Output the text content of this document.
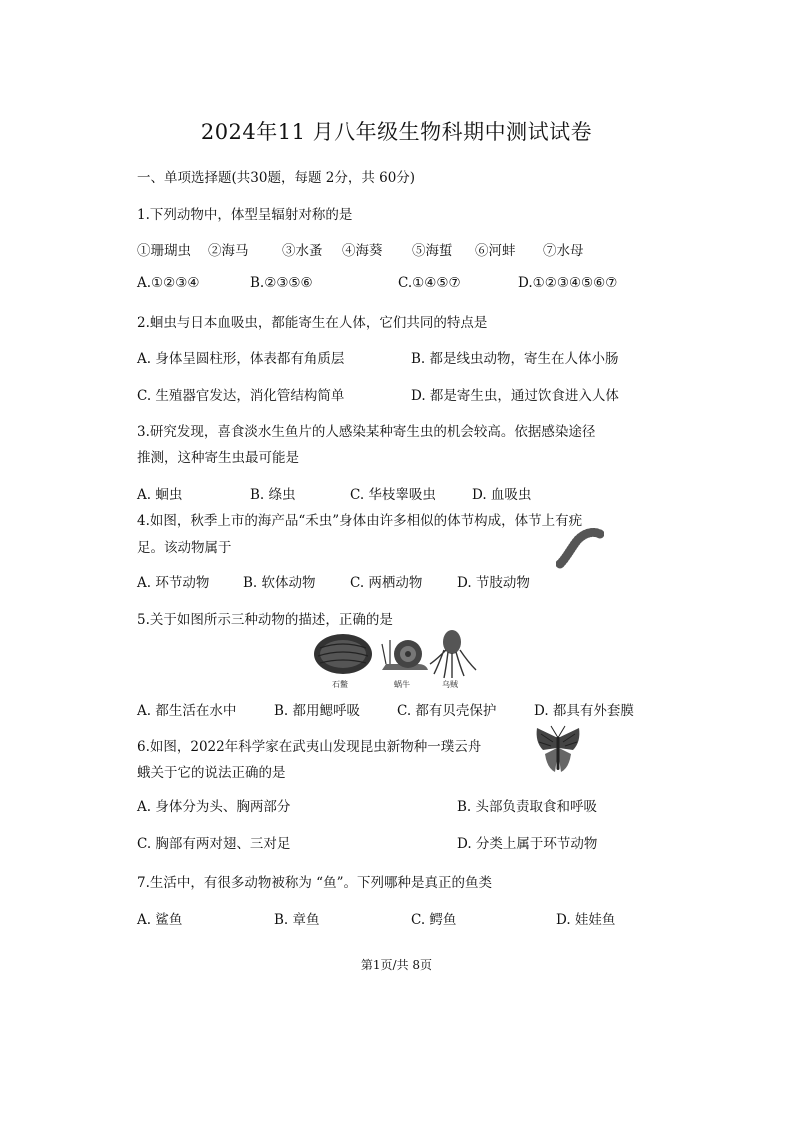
2024年11 月八年级生物科期中测试试卷
一、单项选择题(共30题，每题 2分，共 60分)
1.下列动物中，体型呈辐射对称的是
①珊瑚虫 ②海马 ③水蚤 ④海葵 ⑤海蜇 ⑥河蚌 ⑦水母
A.①②③④	B.②③⑤⑥	C.①④⑤⑦	D.①②③④⑤⑥⑦
2.蛔虫与日本血吸虫，都能寄生在人体，它们共同的特点是
A. 身体呈圆柱形，体表都有角质层	B. 都是线虫动物，寄生在人体小肠
C. 生殖器官发达，消化管结构简单	D. 都是寄生虫，通过饮食进入人体
3.研究发现，喜食淡水生鱼片的人感染某种寄生虫的机会较高。依据感染途径
推测，这种寄生虫最可能是
A. 蛔虫	B. 绦虫	C. 华枝睾吸虫	D. 血吸虫
4.如图，秋季上市的海产品“禾虫”身体由许多相似的体节构成，体节上有疣
足。该动物属于
A. 环节动物 B. 软体动物	C. 两栖动物	D. 节肢动物
5.关于如图所示三种动物的描述，正确的是
石鳖	蜗牛	乌贼
A. 都生活在水中	B. 都用鳃呼吸	C. 都有贝壳保护	D. 都具有外套膜
6.如图，2022年科学家在武夷山发现昆虫新物种一璞云舟
蛾关于它的说法正确的是
A. 身体分为头、胸两部分	B. 头部负责取食和呼吸
C. 胸部有两对翅、三对足	D. 分类上属于环节动物
7.生活中，有很多动物被称为 “鱼”。下列哪种是真正的鱼类
A. 鲨鱼	B. 章鱼	C. 鳄鱼	D. 娃娃鱼
第1页/共 8页
